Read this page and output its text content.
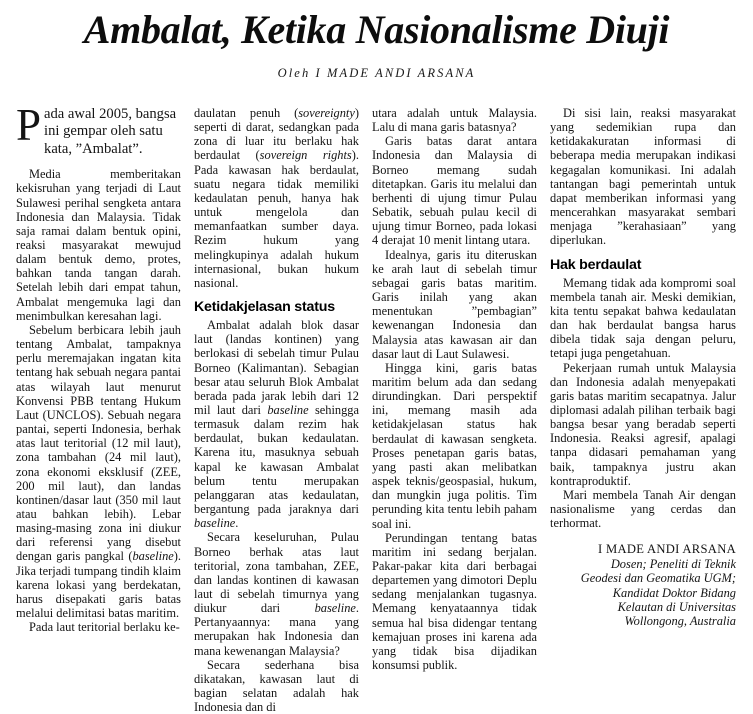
Ambalat, Ketika Nasionalisme Diuji
Oleh I MADE ANDI ARSANA

Pada awal 2005, bangsa ini gempar oleh satu kata, ”Ambalat”.

Media memberitakan kekisruhan yang terjadi di Laut Sulawesi perihal sengketa antara Indonesia dan Malaysia. Tidak saja ramai dalam bentuk opini, reaksi masyarakat mewujud dalam bentuk demo, protes, bahkan tanda tangan darah. Setelah lebih dari empat tahun, Ambalat mengemuka lagi dan menimbulkan keresahan lagi.

Sebelum berbicara lebih jauh tentang Ambalat, tampaknya perlu meremajakan ingatan kita tentang hak sebuah negara pantai atas wilayah laut menurut Konvensi PBB tentang Hukum Laut (UNCLOS). Sebuah negara pantai, seperti Indonesia, berhak atas laut teritorial (12 mil laut), zona tambahan (24 mil laut), zona ekonomi eksklusif (ZEE, 200 mil laut), dan landas kontinen/dasar laut (350 mil laut atau bahkan lebih). Lebar masing-masing zona ini diukur dari referensi yang disebut dengan garis pangkal (baseline). Jika terjadi tumpang tindih klaim karena lokasi yang berdekatan, harus disepakati garis batas melalui delimitasi batas maritim.

Pada laut teritorial berlaku ke-

daulatan penuh (sovereignty) seperti di darat, sedangkan pada zona di luar itu berlaku hak berdaulat (sovereign rights). Pada kawasan hak berdaulat, suatu negara tidak memiliki kedaulatan penuh, hanya hak untuk mengelola dan memanfaatkan sumber daya. Rezim hukum yang melingkupinya adalah hukum internasional, bukan hukum nasional.

Ketidakjelasan status

Ambalat adalah blok dasar laut (landas kontinen) yang berlokasi di sebelah timur Pulau Borneo (Kalimantan). Sebagian besar atau seluruh Blok Ambalat berada pada jarak lebih dari 12 mil laut dari baseline sehingga termasuk dalam rezim hak berdaulat, bukan kedaulatan. Karena itu, masuknya sebuah kapal ke kawasan Ambalat belum tentu merupakan pelanggaran atas kedaulatan, bergantung pada jaraknya dari baseline.

Secara keseluruhan, Pulau Borneo berhak atas laut teritorial, zona tambahan, ZEE, dan landas kontinen di kawasan laut di sebelah timurnya yang diukur dari baseline. Pertanyaannya: mana yang merupakan hak Indonesia dan mana kewenangan Malaysia?

Secara sederhana bisa dikatakan, kawasan laut di bagian selatan adalah hak Indonesia dan di

utara adalah untuk Malaysia. Lalu di mana garis batasnya?

Garis batas darat antara Indonesia dan Malaysia di Borneo memang sudah ditetapkan. Garis itu melalui dan berhenti di ujung timur Pulau Sebatik, sebuah pulau kecil di ujung timur Borneo, pada lokasi 4 derajat 10 menit lintang utara.

Idealnya, garis itu diteruskan ke arah laut di sebelah timur sebagai garis batas maritim. Garis inilah yang akan menentukan ”pembagian” kewenangan Indonesia dan Malaysia atas kawasan air dan dasar laut di Laut Sulawesi.

Hingga kini, garis batas maritim belum ada dan sedang dirundingkan. Dari perspektif ini, memang masih ada ketidakjelasan status hak berdaulat di kawasan sengketa. Proses penetapan garis batas, yang pasti akan melibatkan aspek teknis/geospasial, hukum, dan mungkin juga politis. Tim perunding kita tentu lebih paham soal ini.

Perundingan tentang batas maritim ini sedang berjalan. Pakar-pakar kita dari berbagai departemen yang dimotori Deplu sedang menjalankan tugasnya. Memang kenyataannya tidak semua hal bisa didengar tentang kemajuan proses ini karena ada yang tidak bisa dijadikan konsumsi publik.

Di sisi lain, reaksi masyarakat yang sedemikian rupa dan ketidakakuratan informasi di beberapa media merupakan indikasi kegagalan komunikasi. Ini adalah tantangan bagi pemerintah untuk dapat memberikan informasi yang mencerahkan masyarakat sembari menjaga ”kerahasiaan” yang diperlukan.

Hak berdaulat

Memang tidak ada kompromi soal membela tanah air. Meski demikian, kita tentu sepakat bahwa kedaulatan dan hak berdaulat bangsa harus dibela tidak saja dengan peluru, tetapi juga pengetahuan.

Pekerjaan rumah untuk Malaysia dan Indonesia adalah menyepakati garis batas maritim secapatnya. Jalur diplomasi adalah pilihan terbaik bagi bangsa besar yang beradab seperti Indonesia. Reaksi agresif, apalagi tanpa didasari pemahaman yang baik, tampaknya justru akan kontraproduktif.

Mari membela Tanah Air dengan nasionalisme yang cerdas dan terhormat.

I MADE ANDI ARSANA

Dosen; Peneliti di Teknik

Geodesi dan Geomatika UGM;

Kandidat Doktor Bidang

Kelautan di Universitas

Wollongong, Australia
